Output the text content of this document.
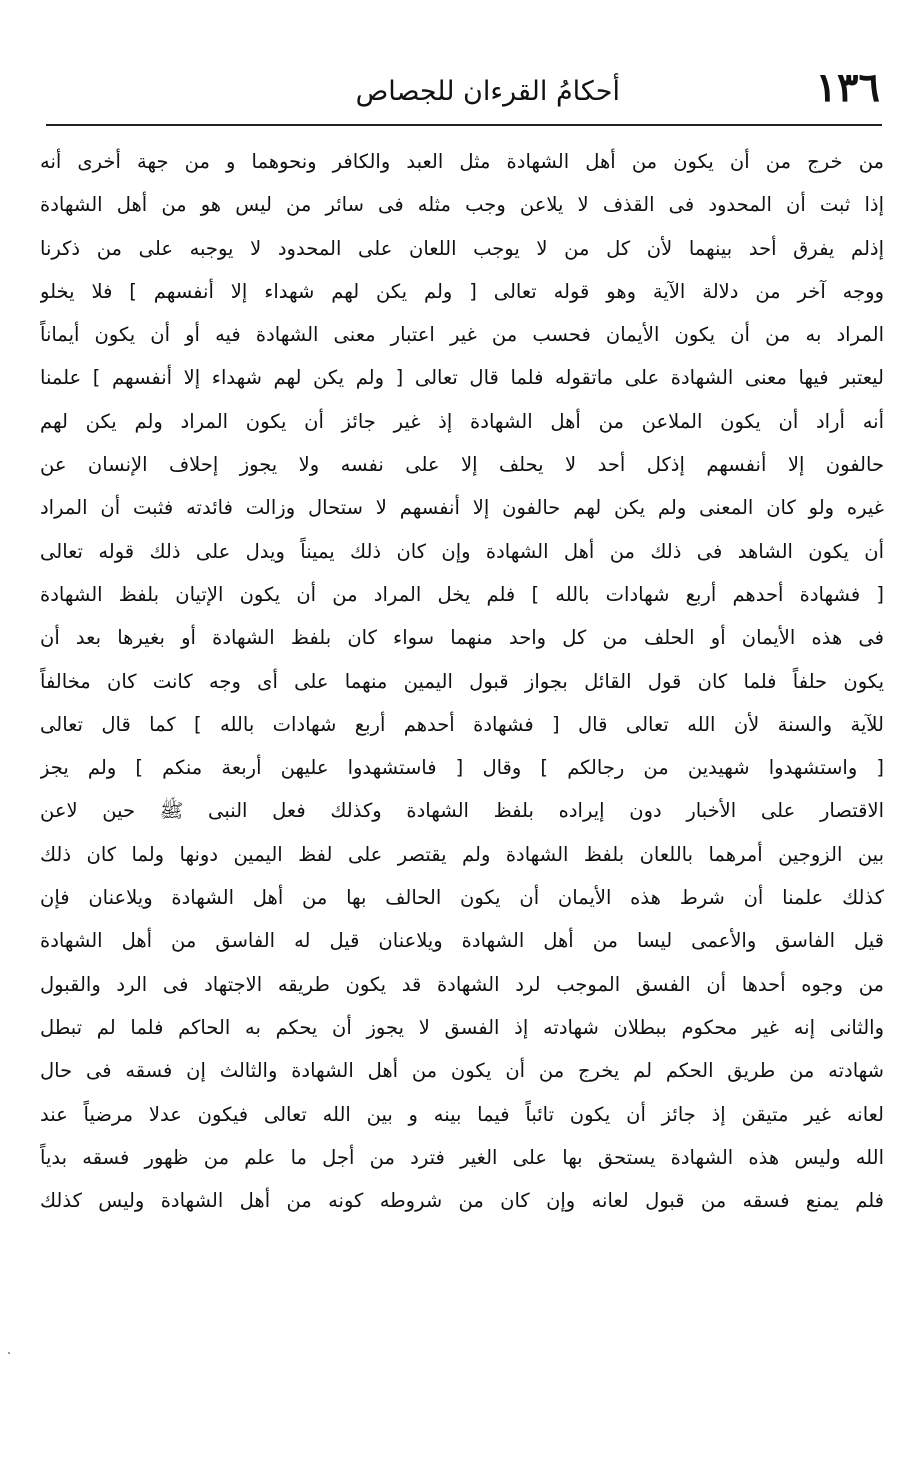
١٣٦
أحكامُ القرءان للجصاص
من خرج من أن يكون من أهل الشهادة مثل العبد والكافر ونحوهما و من جهة أخرى أنه
إذا ثبت أن المحدود فى القذف لا يلاعن وجب مثله فى سائر من ليس هو من أهل الشهادة
إذلم يفرق أحد بينهما لأن كل من لا يوجب اللعان على المحدود لا يوجبه على من ذكرنا
ووجه آخر من دلالة الآية وهو قوله تعالى [ ولم يكن لهم شهداء إلا أنفسهم ] فلا يخلو
المراد به من أن يكون الأيمان فحسب من غير اعتبار معنى الشهادة فيه أو أن يكون أيماناً
ليعتبر فيها معنى الشهادة على ماتقوله فلما قال تعالى [ ولم يكن لهم شهداء إلا أنفسهم ] علمنا
أنه أراد أن يكون الملاعن من أهل الشهادة إذ غير جائز أن يكون المراد ولم يكن لهم
حالفون إلا أنفسهم إذكل أحد لا يحلف إلا على نفسه ولا يجوز إحلاف الإنسان عن
غيره ولو كان المعنى ولم يكن لهم حالفون إلا أنفسهم لا ستحال وزالت فائدته فثبت أن المراد
أن يكون الشاهد فى ذلك من أهل الشهادة وإن كان ذلك يميناً ويدل على ذلك قوله تعالى
[ فشهادة أحدهم أربع شهادات بالله ] فلم يخل المراد من أن يكون الإتيان بلفظ الشهادة
فى هذه الأيمان أو الحلف من كل واحد منهما سواء كان بلفظ الشهادة أو بغيرها بعد أن
يكون حلفاً فلما كان قول القائل بجواز قبول اليمين منهما على أى وجه كانت كان مخالفاً
للآية والسنة لأن الله تعالى قال [ فشهادة أحدهم أربع شهادات بالله ] كما قال تعالى
[ واستشهدوا شهيدين من رجالكم ] وقال [ فاستشهدوا عليهن أربعة منكم ] ولم يجز
الاقتصار على الأخبار دون إيراده بلفظ الشهادة وكذلك فعل النبى ﷺ حين لاعن
بين الزوجين أمرهما باللعان بلفظ الشهادة ولم يقتصر على لفظ اليمين دونها ولما كان ذلك
كذلك علمنا أن شرط هذه الأيمان أن يكون الحالف بها من أهل الشهادة ويلاعنان فإن
قيل الفاسق والأعمى ليسا من أهل الشهادة ويلاعنان قيل له الفاسق من أهل الشهادة
من وجوه أحدها أن الفسق الموجب لرد الشهادة قد يكون طريقه الاجتهاد فى الرد والقبول
والثانى إنه غير محكوم ببطلان شهادته إذ الفسق لا يجوز أن يحكم به الحاكم فلما لم تبطل
شهادته من طريق الحكم لم يخرج من أن يكون من أهل الشهادة والثالث إن فسقه فى حال
لعانه غير متيقن إذ جائز أن يكون تائباً فيما بينه و بين الله تعالى فيكون عدلا مرضياً عند
الله وليس هذه الشهادة يستحق بها على الغير فترد من أجل ما علم من ظهور فسقه بدياً
فلم يمنع فسقه من قبول لعانه وإن كان من شروطه كونه من أهل الشهادة وليس كذلك
